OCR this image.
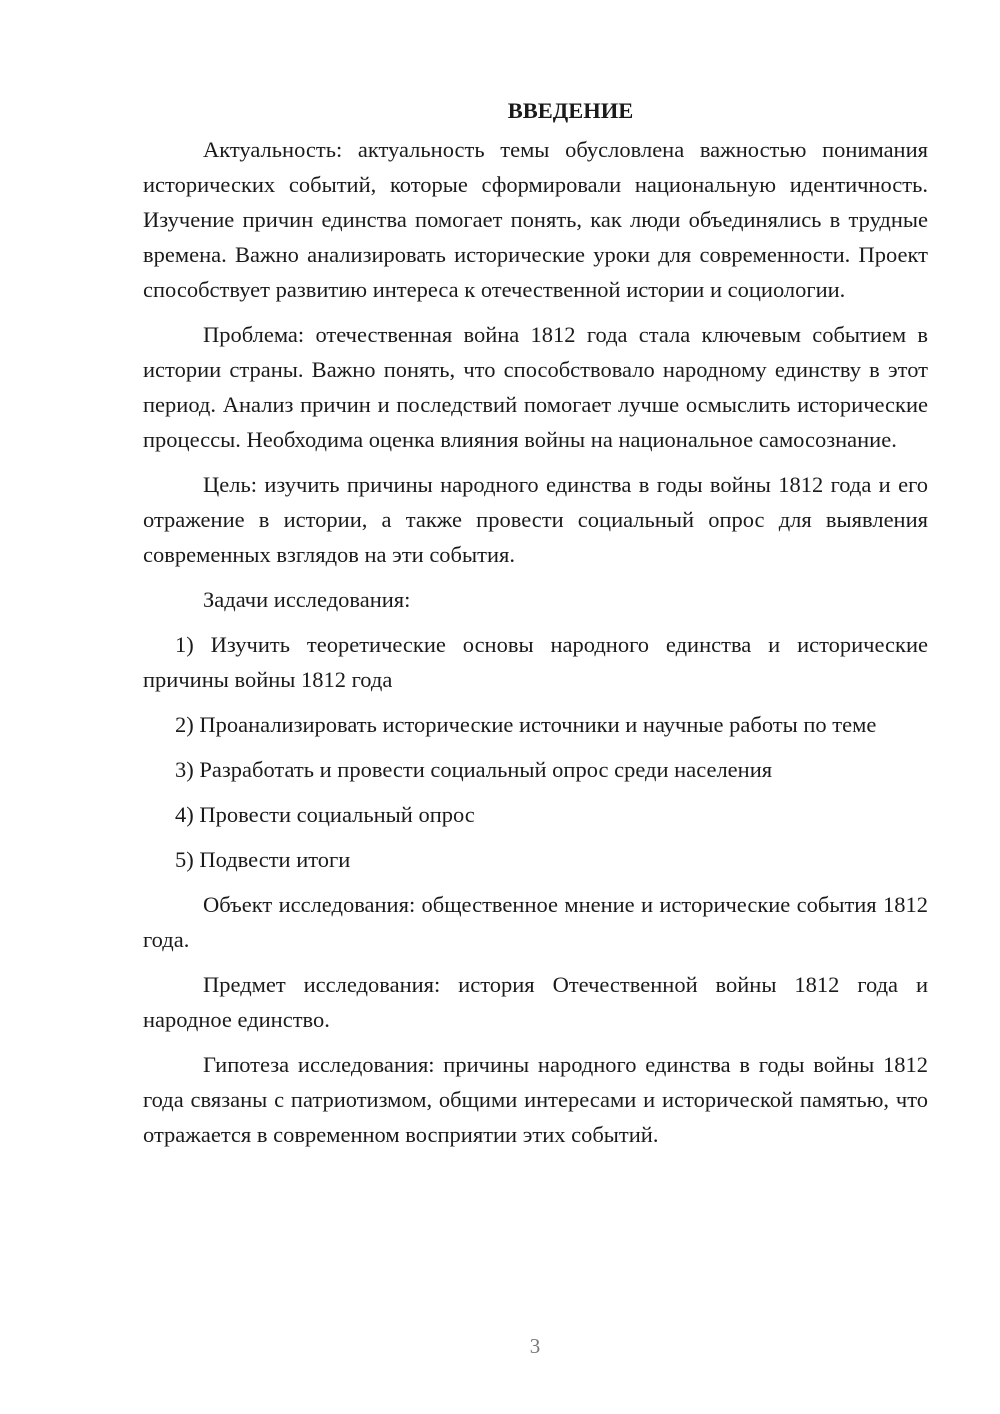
ВВЕДЕНИЕ

Актуальность: актуальность темы обусловлена важностью понимания исторических событий, которые сформировали национальную идентичность. Изучение причин единства помогает понять, как люди объединялись в трудные времена. Важно анализировать исторические уроки для современности. Проект способствует развитию интереса к отечественной истории и социологии.

Проблема: отечественная война 1812 года стала ключевым событием в истории страны. Важно понять, что способствовало народному единству в этот период. Анализ причин и последствий помогает лучше осмыслить исторические процессы. Необходима оценка влияния войны на национальное самосознание.

Цель: изучить причины народного единства в годы войны 1812 года и его отражение в истории, а также провести социальный опрос для выявления современных взглядов на эти события.

Задачи исследования:

1) Изучить теоретические основы народного единства и исторические причины войны 1812 года

2) Проанализировать исторические источники и научные работы по теме

3) Разработать и провести социальный опрос среди населения

4) Провести социальный опрос

5) Подвести итоги

Объект исследования: общественное мнение и исторические события 1812 года.

Предмет исследования: история Отечественной войны 1812 года и народное единство.

Гипотеза исследования: причины народного единства в годы войны 1812 года связаны с патриотизмом, общими интересами и исторической памятью, что отражается в современном восприятии этих событий.

3
